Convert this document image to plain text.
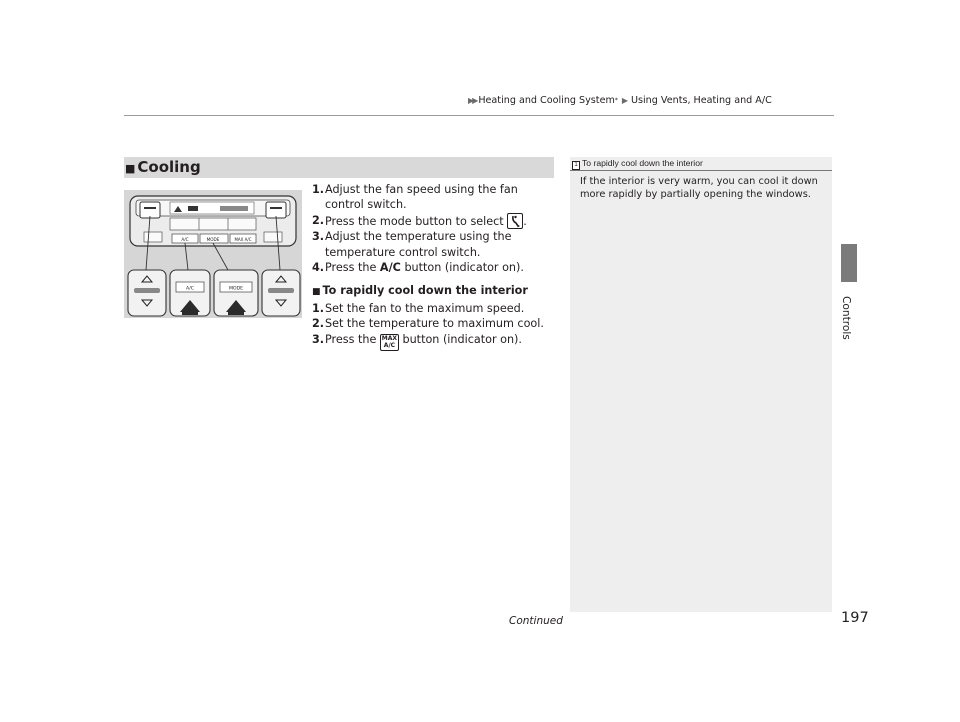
▶▶ Heating and Cooling System * ▶ Using Vents, Heating and A/C
■ Cooling
A/C	MODE	MAX A/C
A/C	MODE
1. Adjust the fan speed using the fan control switch.
2. Press the mode button to select .
3. Adjust the temperature using the temperature control switch.
4. Press the A/C button (indicator on).
■ To rapidly cool down the interior
1. Set the fan to the maximum speed.
2. Set the temperature to maximum cool.
3. Press the MAX
A/C button (indicator on).
1 To rapidly cool down the interior
If the interior is very warm, you can cool it down more rapidly by partially opening the windows.
Controls
Continued	197
